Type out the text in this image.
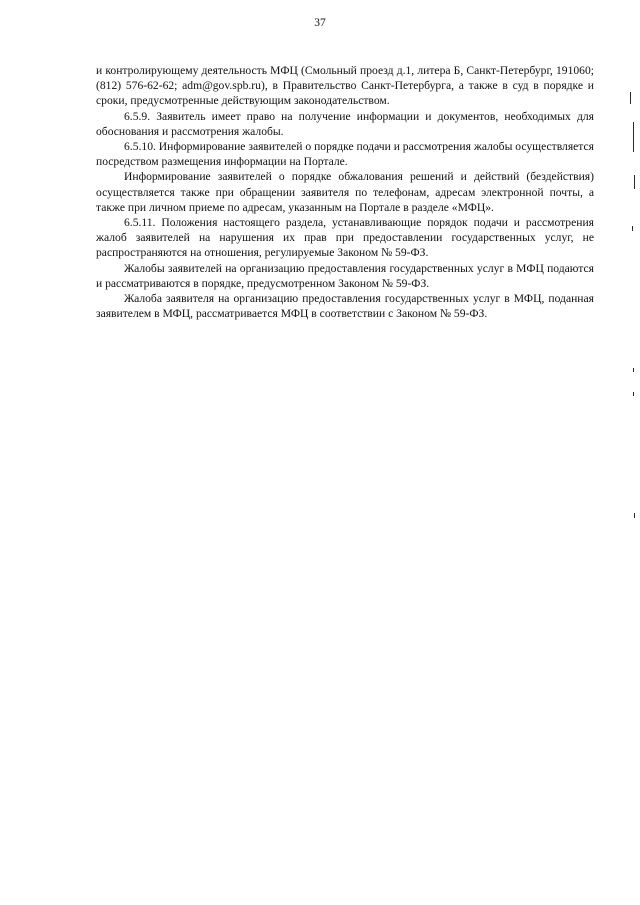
37

и контролирующему деятельность МФЦ (Смольный проезд д.1, литера Б, Санкт-Петербург, 191060; (812) 576-62-62; adm@gov.spb.ru), в Правительство Санкт-Петербурга, а также в суд в порядке и сроки, предусмотренные действующим законодательством.

6.5.9. Заявитель имеет право на получение информации и документов, необходимых для обоснования и рассмотрения жалобы.

6.5.10. Информирование заявителей о порядке подачи и рассмотрения жалобы осуществляется посредством размещения информации на Портале.

Информирование заявителей о порядке обжалования решений и действий (бездействия) осуществляется также при обращении заявителя по телефонам, адресам электронной почты, а также при личном приеме по адресам, указанным на Портале в разделе «МФЦ».

6.5.11. Положения настоящего раздела, устанавливающие порядок подачи и рассмотрения жалоб заявителей на нарушения их прав при предоставлении государственных услуг, не распространяются на отношения, регулируемые Законом № 59-ФЗ.

Жалобы заявителей на организацию предоставления государственных услуг в МФЦ подаются и рассматриваются в порядке, предусмотренном Законом № 59-ФЗ.

Жалоба заявителя на организацию предоставления государственных услуг в МФЦ, поданная заявителем в МФЦ, рассматривается МФЦ в соответствии с Законом № 59-ФЗ.
